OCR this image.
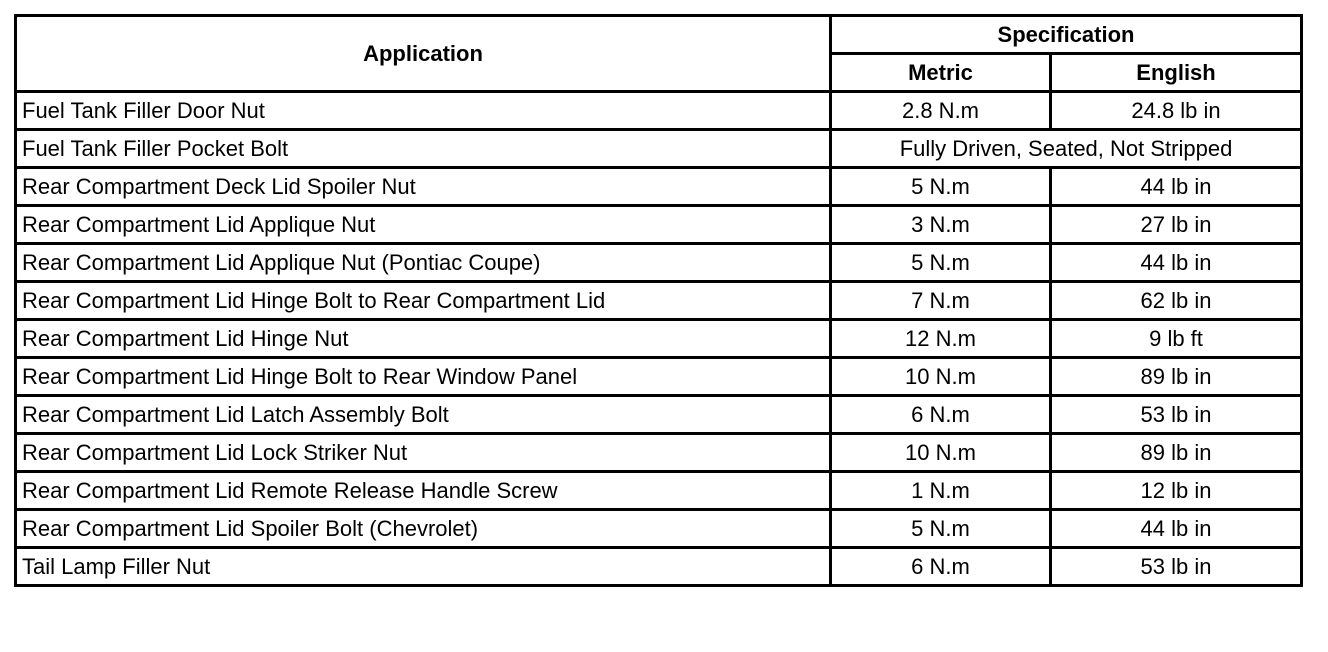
Application	Specification	
	Metric	English
Fuel Tank Filler Door Nut	2.8 N.m	24.8 lb in
Fuel Tank Filler Pocket Bolt	Fully Driven, Seated, Not Stripped	
Rear Compartment Deck Lid Spoiler Nut	5 N.m	44 lb in
Rear Compartment Lid Applique Nut	3 N.m	27 lb in
Rear Compartment Lid Applique Nut (Pontiac Coupe)	5 N.m	44 lb in
Rear Compartment Lid Hinge Bolt to Rear Compartment Lid	7 N.m	62 lb in
Rear Compartment Lid Hinge Nut	12 N.m	9 lb ft
Rear Compartment Lid Hinge Bolt to Rear Window Panel	10 N.m	89 lb in
Rear Compartment Lid Latch Assembly Bolt	6 N.m	53 lb in
Rear Compartment Lid Lock Striker Nut	10 N.m	89 lb in
Rear Compartment Lid Remote Release Handle Screw	1 N.m	12 lb in
Rear Compartment Lid Spoiler Bolt (Chevrolet)	5 N.m	44 lb in
Tail Lamp Filler Nut	6 N.m	53 lb in
